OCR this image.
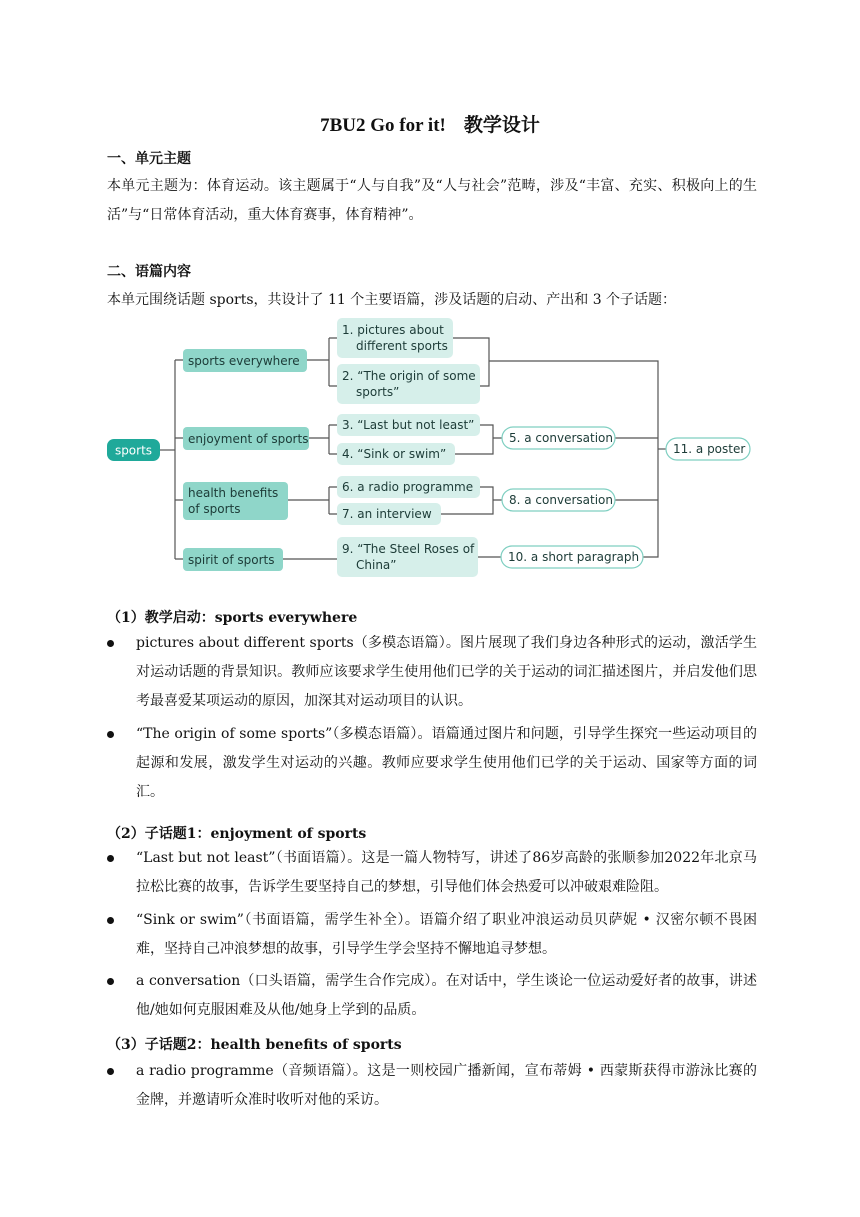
7BU2 Go for it! 教学设计
一、单元主题
本单元主题为：体育运动。该主题属于“人与自我”及“人与社会”范畴，涉及“丰富、充实、积极向上的生活”与“日常体育活动，重大体育赛事，体育精神”。
二、语篇内容
本单元围绕话题 sports，共设计了 11 个主要语篇，涉及话题的启动、产出和 3 个子话题：
sports
sports everywhere
enjoyment of sports
health benefits
of sports
spirit of sports
1. pictures about
different sports
2. “The origin of some
sports”
3. “Last but not least”
4. “Sink or swim”
5. a conversation
6. a radio programme
7. an interview
8. a conversation
9. “The Steel Roses of
China”
10. a short paragraph
11. a poster
（1）教学启动：sports everywhere
pictures about different sports（多模态语篇）。图片展现了我们身边各种形式的运动，激活学生对运动话题的背景知识。教师应该要求学生使用他们已学的关于运动的词汇描述图片，并启发他们思考最喜爱某项运动的原因，加深其对运动项目的认识。
“The origin of some sports”（多模态语篇）。语篇通过图片和问题，引导学生探究一些运动项目的起源和发展，激发学生对运动的兴趣。教师应要求学生使用他们已学的关于运动、国家等方面的词汇。
（2）子话题1：enjoyment of sports
“Last but not least”（书面语篇）。这是一篇人物特写，讲述了86岁高龄的张顺参加2022年北京马拉松比赛的故事，告诉学生要坚持自己的梦想，引导他们体会热爱可以冲破艰难险阻。
“Sink or swim”（书面语篇，需学生补全）。语篇介绍了职业冲浪运动员贝萨妮 • 汉密尔顿不畏困难，坚持自己冲浪梦想的故事，引导学生学会坚持不懈地追寻梦想。
a conversation（口头语篇，需学生合作完成）。在对话中，学生谈论一位运动爱好者的故事，讲述他/她如何克服困难及从他/她身上学到的品质。
（3）子话题2：health benefits of sports
a radio programme（音频语篇）。这是一则校园广播新闻，宣布蒂姆 • 西蒙斯获得市游泳比赛的金牌，并邀请听众准时收听对他的采访。
